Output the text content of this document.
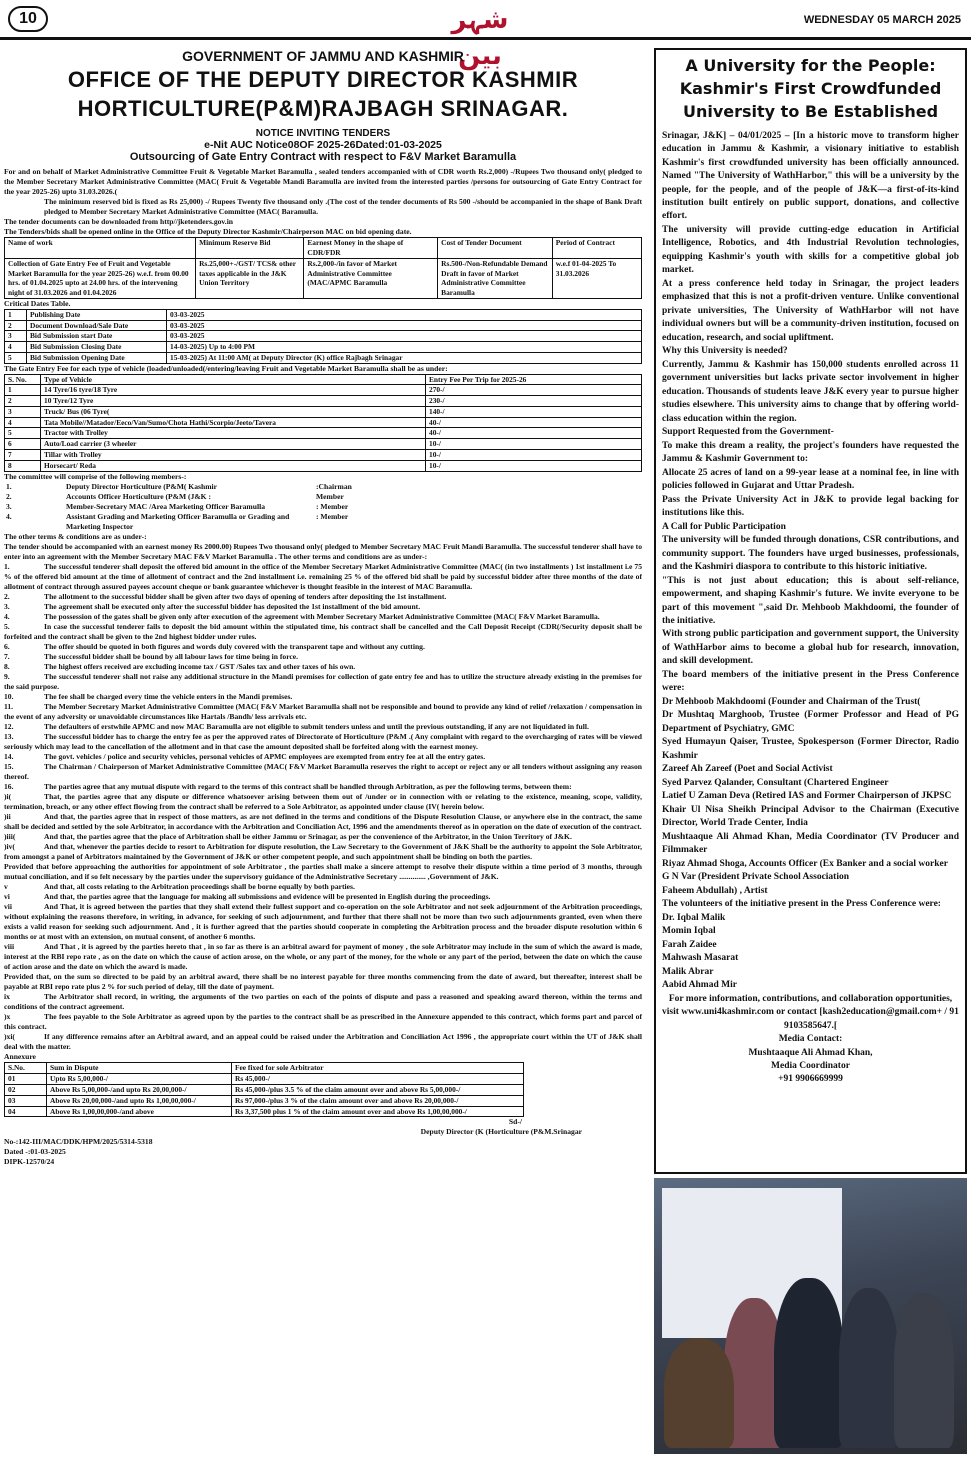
10	شہر بین
WEDNESDAY 05 MARCH 2025
GOVERNMENT OF JAMMU AND KASHMIR
OFFICE OF THE DEPUTY DIRECTOR KASHMIR
HORTICULTURE(P&M)RAJBAGH SRINAGAR.
NOTICE INVITING TENDERS
e-Nit AUC Notice08OF 2025-26Dated:01-03-2025
Outsourcing of Gate Entry Contract with respect to F&V Market Baramulla

For and on behalf of Market Administrative Committee Fruit & Vegetable Market Baramulla , sealed tenders accompanied with of CDR worth Rs.2,000) -/Rupees Two thousand only( pledged to the Member Secretary Market Administrative Committee (MAC( Fruit & Vegetable Mandi Baramulla are invited from the interested parties /persons for outsourcing of Gate Entry Contract for the year 2025-26) upto 31.03.2026.(

The minimum reserved bid is fixed as Rs 25,000) -/ Rupees Twenty five thousand only .(The cost of the tender documents of Rs 500 -/should be accompanied in the shape of Bank Draft pledged to Member Secretary Market Administrative Committee (MAC( Baramulla.

The tender documents can be downloaded from http//jketenders.gov.in

The Tenders/bids shall be opened online in the Office of the Deputy Director Kashmir/Chairperson MAC on bid opening date.

Name of work	Minimum Reserve Bid	Earnest Money in the shape of CDR/FDR	Cost of Tender Document	Period of Contract
Collection of Gate Entry Fee of Fruit and Vegetable Market Baramulla for the year 2025-26) w.e.f. from 00.00 hrs. of 01.04.2025 upto at 24.00 hrs. of the intervening night of 31.03.2026 and 01.04.2026	Rs.25,000+-/GST/ TCS& other taxes applicable in the J&K Union Territory	Rs.2,000-/in favor of Market Administrative Committee (MAC/APMC Baramulla	Rs.500-/Non-Refundable Demand Draft in favor of Market Administrative Committee Baramulla	w.e.f 01-04-2025 To 31.03.2026
Critical Dates Table.
1	Publishing Date	03-03-2025
2	Document Download/Sale Date	03-03-2025
3	Bid Submission start Date	03-03-2025
4	Bid Submission Closing Date	14-03-2025) Up to 4:00 PM
5	Bid Submission Opening Date	15-03-2025) At 11:00 AM( at Deputy Director (K) office Rajbagh Srinagar
The Gate Entry Fee for each type of vehicle (loaded/unloaded(/entering/leaving Fruit and Vegetable Market Baramulla shall be as under:
S. No.	Type of Vehicle	Entry Fee Per Trip for 2025-26
1	14 Tyre/16 tyre/18 Tyre	270-/
2	10 Tyre/12 Tyre	230-/
3	Truck/ Bus (06 Tyre(	140-/
4	Tata Mobile//Matador/Eeco/Van/Sumo/Chota Hathi/Scorpio/Jeeto/Tavera	40-/
5	Tractor with Trolley	40-/
6	Auto/Load carrier (3 wheeler	10-/
7	Tillar with Trolley	10-/
8	Horsecart/ Reda	10-/
The committee will comprise of the following members-:
1.	Deputy Director Horticulture (P&M( Kashmir	:Chairman
2.	Accounts Officer Horticulture (P&M (J&K :	Member
3.	Member-Secretary MAC /Area Marketing Officer Baramulla	: Member
4.	Assistant Grading and Marketing Officer Baramulla or Grading and Marketing Inspector	: Member
The other terms & conditions are as under-:

The tender should be accompanied with an earnest money Rs 2000.00) Rupees Two thousand only( pledged to Member Secretary MAC Fruit Mandi Baramulla. The successful tenderer shall have to enter into an agreement with the Member Secretary MAC F&V Market Baramulla . The other terms and conditions are as under-:

1.	The successful tenderer shall deposit the offered bid amount in the office of the Member Secretary Market Administrative Committee (MAC( (in two installments ) 1st installment i.e 75 % of the offered bid amount at the time of allotment of contract and the 2nd installment i.e. remaining 25 % of the offered bid shall be paid by successful bidder after three months of the date of allotment of contract through assured payees account cheque or bank guarantee whichever is thought feasible in the interest of MAC Baramulla.

2.	The allotment to the successful bidder shall be given after two days of opening of tenders after depositing the 1st installment.

3.	The agreement shall be executed only after the successful bidder has deposited the 1st installment of the bid amount.

4.	The possession of the gates shall be given only after execution of the agreement with Member Secretary Market Administrative Committee (MAC( F&V Market Baramulla.

5.	In case the successful tenderer fails to deposit the bid amount within the stipulated time, his contract shall be cancelled and the Call Deposit Receipt (CDR(/Security deposit shall be forfeited and the contract shall be given to the 2nd highest bidder under rules.

6.	The offer should be quoted in both figures and words duly covered with the transparent tape and without any cutting.

7.	The successful bidder shall be bound by all labour laws for time being in force.

8.	The highest offers received are excluding income tax / GST /Sales tax and other taxes of his own.

9.	The successful tenderer shall not raise any additional structure in the Mandi premises for collection of gate entry fee and has to utilize the structure already existing in the premises for the said purpose.

10.	The fee shall be charged every time the vehicle enters in the Mandi premises.

11.	The Member Secretary Market Administrative Committee (MAC( F&V Market Baramulla shall not be responsible and bound to provide any kind of relief /relaxation / compensation in the event of any adversity or unavoidable circumstances like Hartals /Bandh/ less arrivals etc.

12.	The defaulters of erstwhile APMC and now MAC Baramulla are not eligible to submit tenders unless and until the previous outstanding, if any are not liquidated in full.

13.	The successful bidder has to charge the entry fee as per the approved rates of Directorate of Horticulture (P&M .( Any complaint with regard to the overcharging of rates will be viewed seriously which may lead to the cancellation of the allotment and in that case the amount deposited shall be forfeited along with the earnest money.

14.	The govt. vehicles / police and security vehicles, personal vehicles of APMC employees are exempted from entry fee at all the entry gates.

15.	The Chairman / Chairperson of Market Administrative Committee (MAC( F&V Market Baramulla reserves the right to accept or reject any or all tenders without assigning any reason thereof.

16.	The parties agree that any mutual dispute with regard to the terms of this contract shall be handled through Arbitration, as per the following terms, between them:

)i(	That, the parties agree that any dispute or difference whatsoever arising between them out of /under or in connection with or relating to the existence, meaning, scope, validity, termination, breach, or any other effect flowing from the contract shall be referred to a Sole Arbitrator, as appointed under clause (IV( herein below.

)ii	And that, the parties agree that in respect of those matters, as are not defined in the terms and conditions of the Dispute Resolution Clause, or anywhere else in the contract, the same shall be decided and settled by the sole Arbitrator, in accordance with the Arbitration and Conciliation Act, 1996 and the amendments thereof as in operation on the date of execution of the contract.

)iii(	And that, the parties agree that the place of Arbitration shall be either Jammu or Srinagar, as per the convenience of the Arbitrator, in the Union Territory of J&K.

)iv(	And that, whenever the parties decide to resort to Arbitration for dispute resolution, the Law Secretary to the Government of J&K Shall be the authority to appoint the Sole Arbitrator, from amongst a panel of Arbitrators maintained by the Government of J&K or other competent people, and such appointment shall be binding on both the parties.

Provided that before approaching the authorities for appointment of sole Arbitrator , the parties shall make a sincere attempt to resolve their dispute within a time period of 3 months, through mutual conciliation, and if so felt necessary by the parties under the supervisory guidance of the Administrative Secretary .............. ,Government of J&K.

v	And that, all costs relating to the Arbitration proceedings shall be borne equally by both parties.

vi	And that, the parties agree that the language for making all submissions and evidence will be presented in English during the proceedings.

vii	And That, it is agreed between the parties that they shall extend their fullest support and co-operation on the sole Arbitrator and not seek adjournment of the Arbitration proceedings, without explaining the reasons therefore, in writing, in advance, for seeking of such adjournment, and further that there shall not be more than two such adjournments granted, even when there exists a valid reason for seeking such adjournment. And , it is further agreed that the parties should cooperate in completing the Arbitration process and the broader dispute resolution within 6 months or at most with an extension, on mutual consent, of another 6 months.

viii	And That , it is agreed by the parties hereto that , in so far as there is an arbitral award for payment of money , the sole Arbitrator may include in the sum of which the award is made, interest at the RBI repo rate , as on the date on which the cause of action arose, on the whole, or any part of the money, for the whole or any part of the period, between the date on which the cause of action arose and the date on which the award is made.

Provided that, on the sum so directed to be paid by an arbitral award, there shall be no interest payable for three months commencing from the date of award, but thereafter, interest shall be payable at RBI repo rate plus 2 % for such period of delay, till the date of payment.

ix	The Arbitrator shall record, in writing, the arguments of the two parties on each of the points of dispute and pass a reasoned and speaking award thereon, within the terms and conditions of the contract agreement.

)x	The fees payable to the Sole Arbitrator as agreed upon by the parties to the contract shall be as prescribed in the Annexure appended to this contract, which forms part and parcel of this contract.

)xi(	If any difference remains after an Arbitral award, and an appeal could be raised under the Arbitration and Conciliation Act 1996 , the appropriate court within the UT of J&K shall deal with the matter.

Annexure
S.No.	Sum in Dispute	Fee fixed for sole Arbitrator
01	Upto Rs 5,00,000-/	Rs 45,000-/
02	Above Rs 5,00,000-/and upto Rs 20,00,000-/	Rs 45,000-/plus 3.5 % of the claim amount over and above Rs 5,00,000-/
03	Above Rs 20,00,000-/and upto Rs 1,00,00,000-/	Rs 97,000-/plus 3 % of the claim amount over and above Rs 20,00,000-/
04	Above Rs 1,00,00,000-/and above	Rs 3,37,500 plus 1 % of the claim amount over and above Rs 1,00,00,000-/
Sd-/
Deputy Director (K (Horticulture (P&M.Srinagar
No-:142-III/MAC/DDK/HPM/2025/5314-5318
Dated -:01-03-2025
DIPK-12570/24
A University for the People: Kashmir's First Crowdfunded University to Be Established

Srinagar, J&K] – 04/01/2025 – [In a historic move to transform higher education in Jammu & Kashmir, a visionary initiative to establish Kashmir's first crowdfunded university has been officially announced. Named "The University of WathHarbor," this will be a university by the people, for the people, and of the people of J&K—a first-of-its-kind institution built entirely on public support, donations, and collective effort.

The university will provide cutting-edge education in Artificial Intelligence, Robotics, and 4th Industrial Revolution technologies, equipping Kashmir's youth with skills for a competitive global job market.

At a press conference held today in Srinagar, the project leaders emphasized that this is not a profit-driven venture. Unlike conventional private universities, The University of WathHarbor will not have individual owners but will be a community-driven institution, focused on education, research, and social upliftment.

Why this University is needed?

Currently, Jammu & Kashmir has 150,000 students enrolled across 11 government universities but lacks private sector involvement in higher education. Thousands of students leave J&K every year to pursue higher studies elsewhere. This university aims to change that by offering world-class education within the region.

Support Requested from the Government-

To make this dream a reality, the project's founders have requested the Jammu & Kashmir Government to:

Allocate 25 acres of land on a 99-year lease at a nominal fee, in line with policies followed in Gujarat and Uttar Pradesh.

Pass the Private University Act in J&K to provide legal backing for institutions like this.

A Call for Public Participation

The university will be funded through donations, CSR contributions, and community support. The founders have urged businesses, professionals, and the Kashmiri diaspora to contribute to this historic initiative.

"This is not just about education; this is about self-reliance, empowerment, and shaping Kashmir's future. We invite everyone to be part of this movement ",said Dr. Mehboob Makhdoomi, the founder of the initiative.

With strong public participation and government support, the University of WathHarbor aims to become a global hub for research, innovation, and skill development.

The board members of the initiative present in the Press Conference were:

Dr Mehboob Makhdoomi (Founder and Chairman of the Trust(

Dr Mushtaq Marghoob, Trustee (Former Professor and Head of PG Department of Psychiatry, GMC

Syed Humayun Qaiser, Trustee, Spokesperson (Former Director, Radio Kashmir

Zareef Ah Zareef (Poet and Social Activist

Syed Parvez Qalander, Consultant (Chartered Engineer

Latief U Zaman Deva (Retired IAS and Former Chairperson of JKPSC

Khair Ul Nisa Sheikh Principal Advisor to the Chairman (Executive Director, World Trade Center, India

Mushtaaque Ali Ahmad Khan, Media Coordinator (TV Producer and Filmmaker

Riyaz Ahmad Shoga, Accounts Officer (Ex Banker and a social worker

G N Var (President Private School Association

Faheem Abdullah) , Artist

The volunteers of the initiative present in the Press Conference were:

Dr. Iqbal Malik

Momin Iqbal

Farah Zaidee

Mahwash Masarat

Malik Abrar

Aabid Ahmad Mir

For more information, contributions, and collaboration opportunities, visit www.uni4kashmir.com or contact [kash2education@gmail.com+ / 91 9103585647.[

Media Contact:

Mushtaaque Ali Ahmad Khan,

Media Coordinator

+91 9906669999
